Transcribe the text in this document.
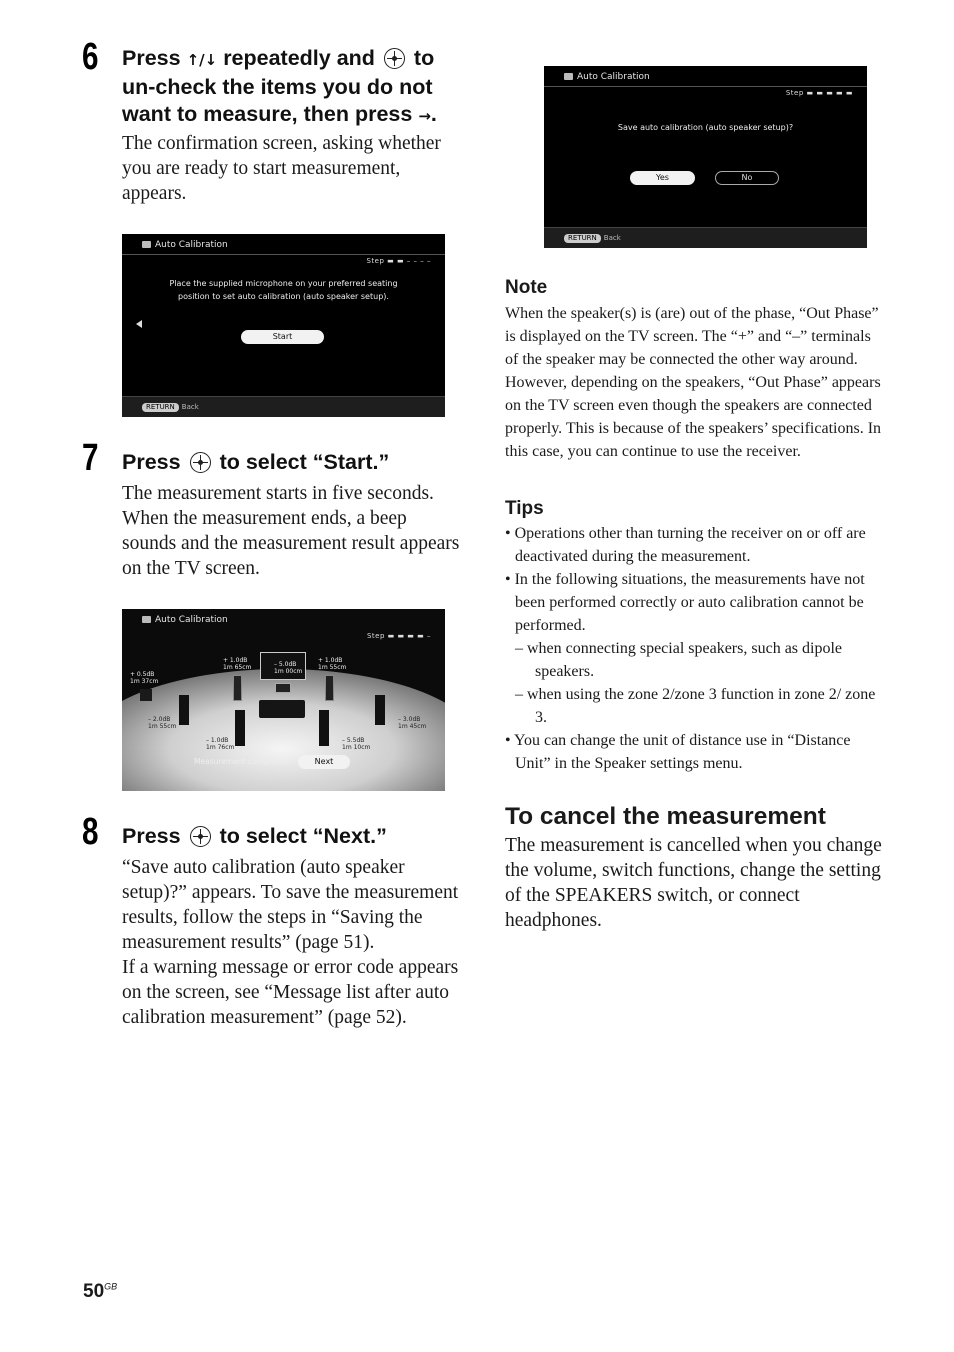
6 Press ↑/↓ repeatedly and to
un-check the items you do not
want to measure, then press →.
The confirmation screen, asking whether you are ready to start measurement, appears.
Auto Calibration
Step ▬ ▬ – – – –
Place the supplied microphone on your preferred seating
position to set auto calibration (auto speaker setup).
Start
RETURN Back
7 Press to select “Start.”
The measurement starts in five seconds. When the measurement ends, a beep sounds and the measurement result appears on the TV screen.
Auto Calibration
Step ▬ ▬ ▬ ▬ –
+ 1.0dB
1m 65cm	– 5.0dB
1m 00cm
+ 1.0dB
1m 55cm
+ 0.5dB
1m 37cm
– 2.0dB
1m 55cm
– 3.0dB
1m 45cm
– 1.0dB
1m 76cm
– 5.5dB
1m 10cm
Measurement completed!	Next
8 Press to select “Next.”
“Save auto calibration (auto speaker setup)?” appears. To save the measurement results, follow the steps in “Saving the measurement results” (page 51).
If a warning message or error code appears on the screen, see “Message list after auto calibration measurement” (page 52).
Auto Calibration
Step ▬ ▬ ▬ ▬ ▬
Save auto calibration (auto speaker setup)?
Yes	No
RETURN Back
Note
When the speaker(s) is (are) out of the phase, “Out Phase” is displayed on the TV screen. The “+” and “–” terminals of the speaker may be connected the other way around. However, depending on the speakers, “Out Phase” appears on the TV screen even though the speakers are connected properly. This is because of the speakers’ specifications. In this case, you can continue to use the receiver.
Tips
• Operations other than turning the receiver on or off are deactivated during the measurement.
• In the following situations, the measurements have not been performed correctly or auto calibration cannot be performed.
– when connecting special speakers, such as dipole speakers.
– when using the zone 2/zone 3 function in zone 2/ zone 3.
• You can change the unit of distance use in “Distance Unit” in the Speaker settings menu.
To cancel the measurement
The measurement is cancelled when you change the volume, switch functions, change the setting of the SPEAKERS switch, or connect headphones.
$50^{GB}$
